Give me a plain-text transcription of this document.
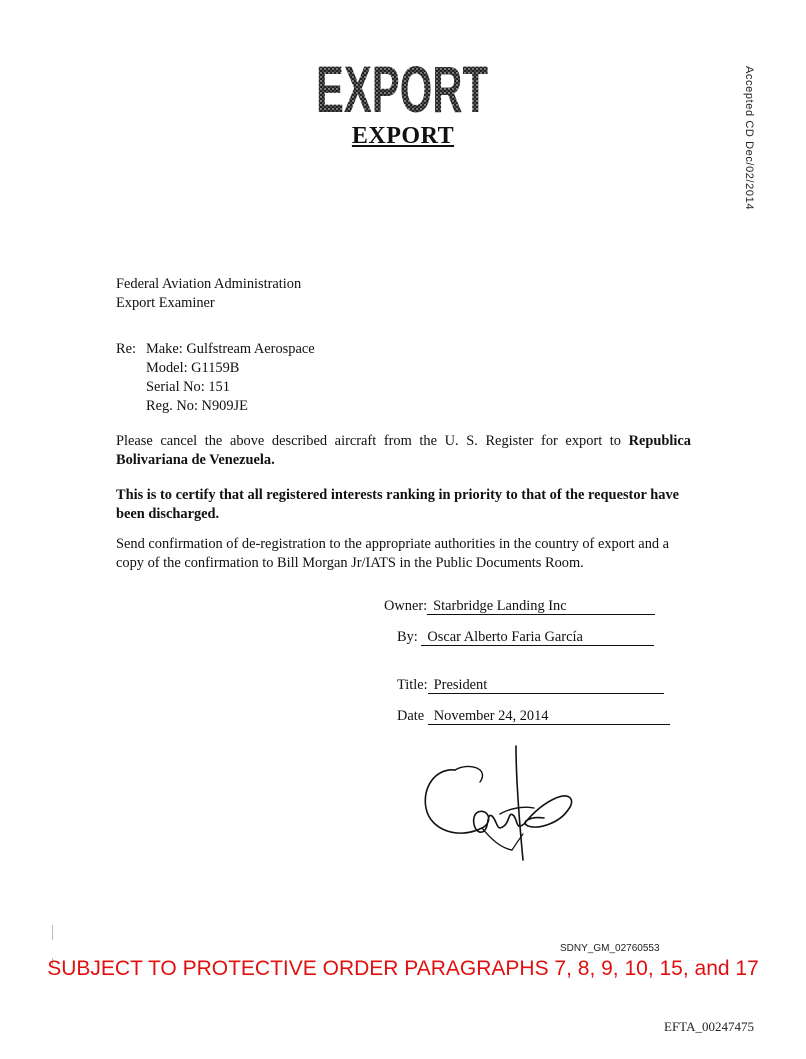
EXPORT
EXPORT	Accepted CD Dec/02/2014
Federal Aviation Administration
Export Examiner
Re: Make: Gulfstream Aerospace
Model: G1159B
Serial No: 151
Reg. No: N909JE
Please cancel the above described aircraft from the U. S. Register for export to Republica Bolivariana de Venezuela.
This is to certify that all registered interests ranking in priority to that of the requestor have been discharged.
Send confirmation of de-registration to the appropriate authorities in the country of export and a copy of the confirmation to Bill Morgan Jr/IATS in the Public Documents Room.
Owner: Starbridge Landing Inc
By: Oscar Alberto Faria García
Title: President
Date November 24, 2014
SDNY_GM_02760553
SUBJECT TO PROTECTIVE ORDER PARAGRAPHS 7, 8, 9, 10, 15, and 17
EFTA_00247475
